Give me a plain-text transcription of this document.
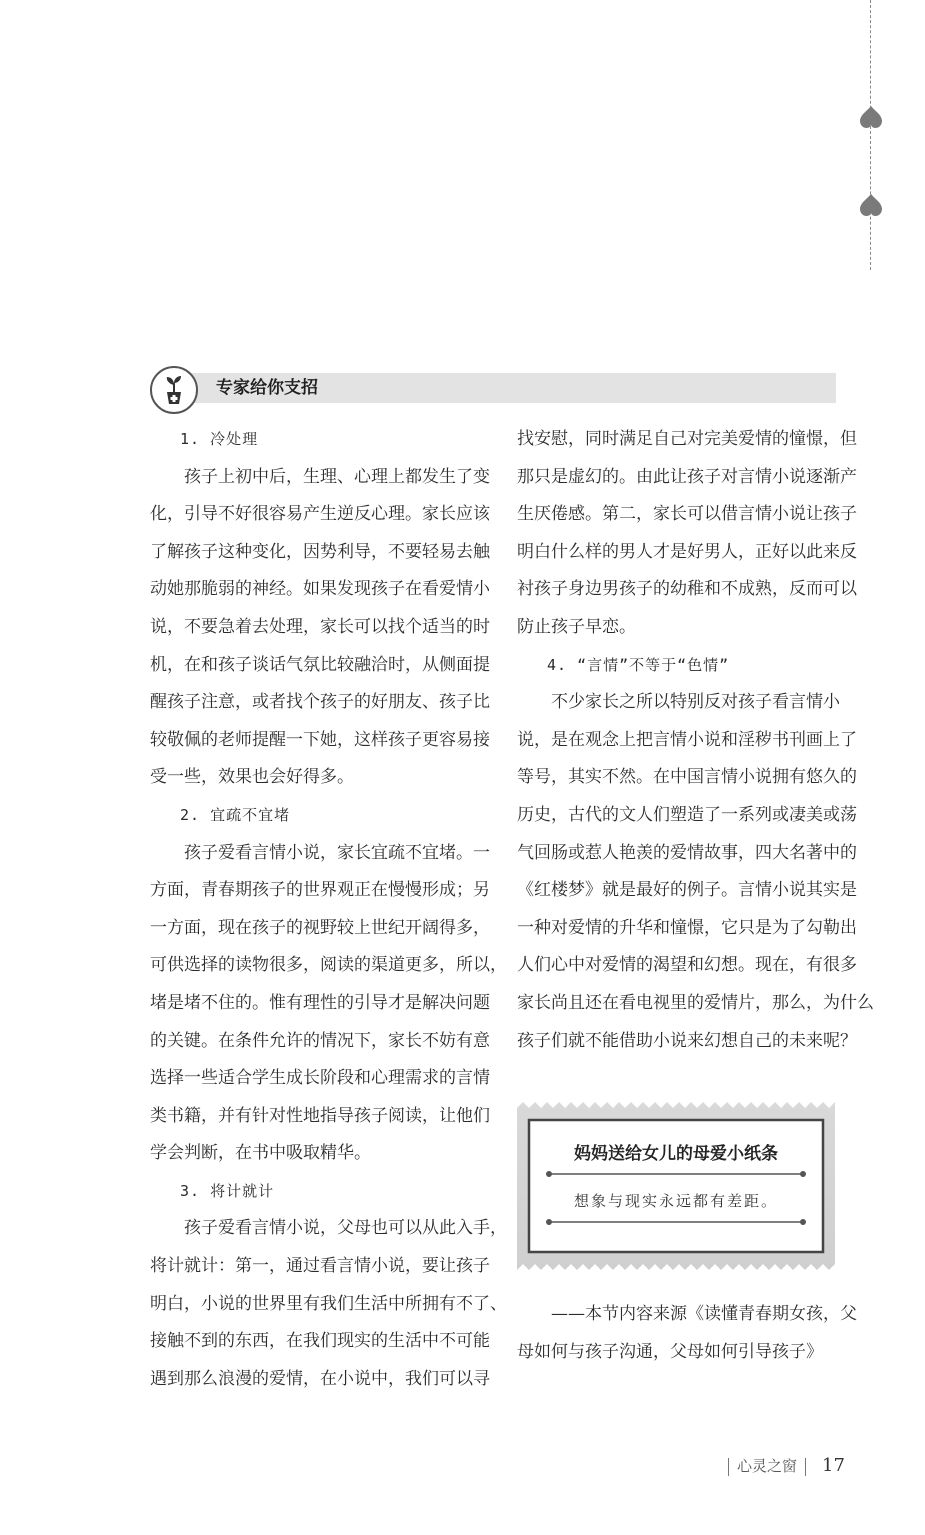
专家给你支招

1. 冷处理

孩子上初中后，生理、心理上都发生了变

化，引导不好很容易产生逆反心理。家长应该
了解孩子这种变化，因势利导，不要轻易去触
动她那脆弱的神经。如果发现孩子在看爱情小
说，不要急着去处理，家长可以找个适当的时
机，在和孩子谈话气氛比较融洽时，从侧面提
醒孩子注意，或者找个孩子的好朋友、孩子比
较敬佩的老师提醒一下她，这样孩子更容易接
受一些，效果也会好得多。

2. 宜疏不宜堵

孩子爱看言情小说，家长宜疏不宜堵。一

方面，青春期孩子的世界观正在慢慢形成；另
一方面，现在孩子的视野较上世纪开阔得多，
可供选择的读物很多，阅读的渠道更多，所以，
堵是堵不住的。惟有理性的引导才是解决问题
的关键。在条件允许的情况下，家长不妨有意
选择一些适合学生成长阶段和心理需求的言情
类书籍，并有针对性地指导孩子阅读，让他们
学会判断，在书中吸取精华。

3. 将计就计

孩子爱看言情小说，父母也可以从此入手，

将计就计：第一，通过看言情小说，要让孩子
明白，小说的世界里有我们生活中所拥有不了、
接触不到的东西，在我们现实的生活中不可能
遇到那么浪漫的爱情，在小说中，我们可以寻
找安慰，同时满足自己对完美爱情的憧憬，但
那只是虚幻的。由此让孩子对言情小说逐渐产
生厌倦感。第二，家长可以借言情小说让孩子
明白什么样的男人才是好男人，正好以此来反
衬孩子身边男孩子的幼稚和不成熟，反而可以
防止孩子早恋。

4. “言情”不等于“色情”

不少家长之所以特别反对孩子看言情小

说，是在观念上把言情小说和淫秽书刊画上了
等号，其实不然。在中国言情小说拥有悠久的
历史，古代的文人们塑造了一系列或凄美或荡
气回肠或惹人艳羡的爱情故事，四大名著中的
《红楼梦》就是最好的例子。言情小说其实是
一种对爱情的升华和憧憬，它只是为了勾勒出
人们心中对爱情的渴望和幻想。现在，有很多
家长尚且还在看电视里的爱情片，那么，为什么
孩子们就不能借助小说来幻想自己的未来呢？
妈妈送给女儿的母爱小纸条
想象与现实永远都有差距。
——本节内容来源《读懂青春期女孩，父
母如何与孩子沟通，父母如何引导孩子》
心灵之窗 17
